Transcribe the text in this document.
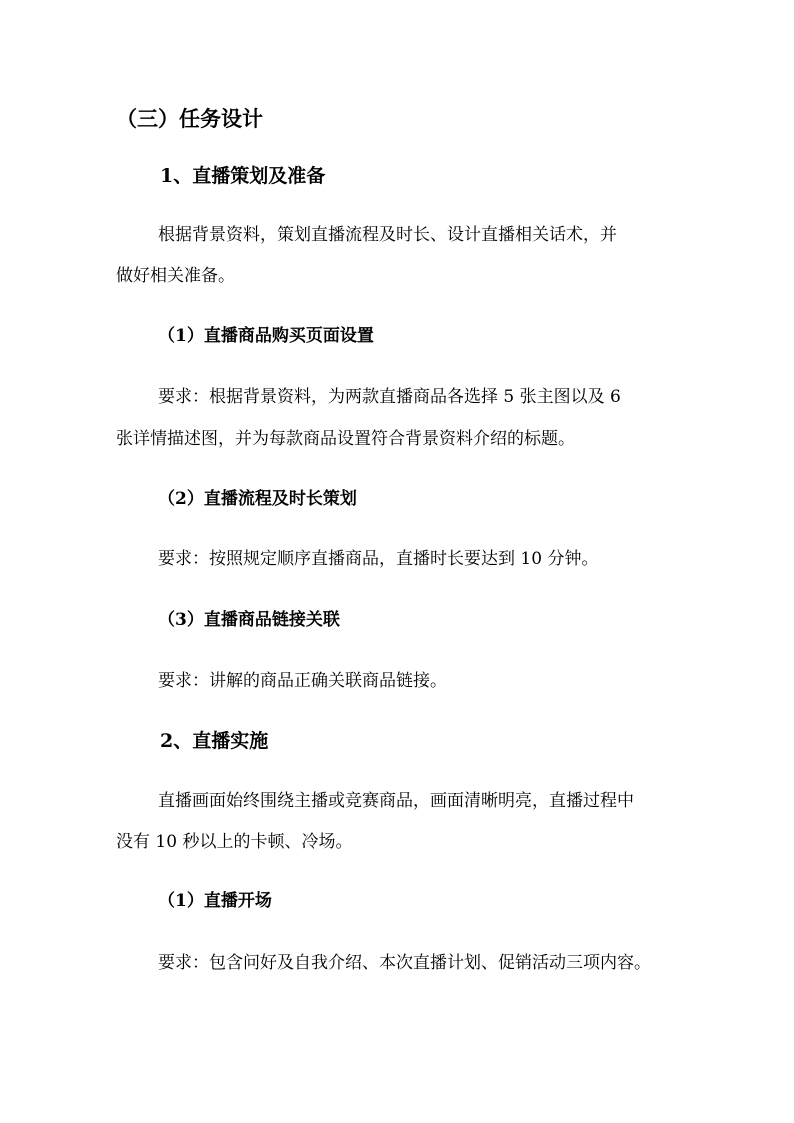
（三）任务设计
1、直播策划及准备
根据背景资料，策划直播流程及时长、设计直播相关话术，并
做好相关准备。
（1）直播商品购买页面设置
要求：根据背景资料，为两款直播商品各选择 5 张主图以及 6
张详情描述图，并为每款商品设置符合背景资料介绍的标题。
（2）直播流程及时长策划
要求：按照规定顺序直播商品，直播时长要达到 10 分钟。
（3）直播商品链接关联
要求：讲解的商品正确关联商品链接。
2、直播实施
直播画面始终围绕主播或竞赛商品，画面清晰明亮，直播过程中
没有 10 秒以上的卡顿、冷场。
（1）直播开场
要求：包含问好及自我介绍、本次直播计划、促销活动三项内容。
